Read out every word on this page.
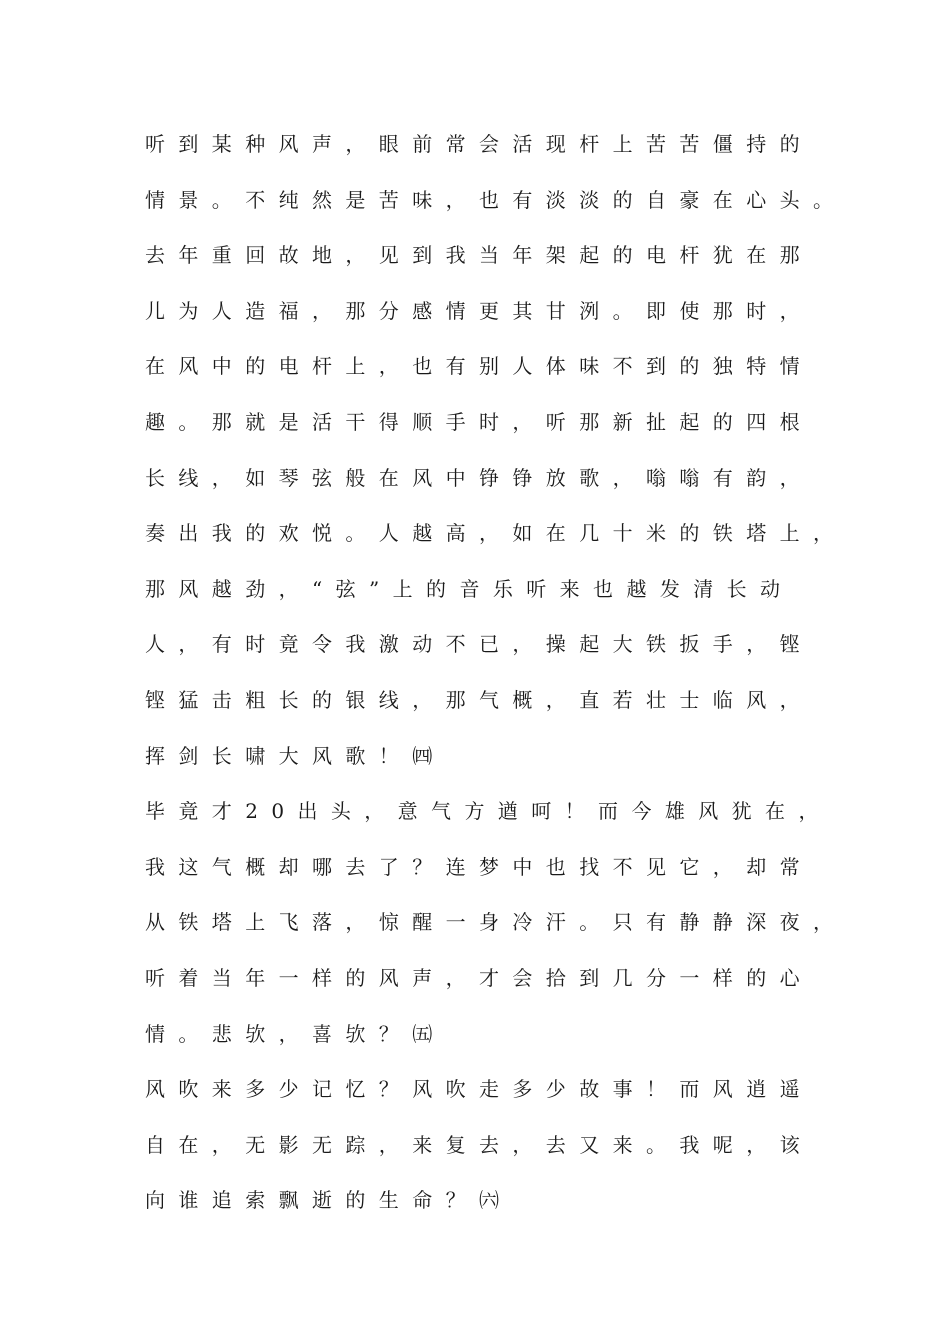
听到某种风声，眼前常会活现杆上苦苦僵持的
情景。不纯然是苦味，也有淡淡的自豪在心头。
去年重回故地，见到我当年架起的电杆犹在那
儿为人造福，那分感情更其甘洌。即使那时，
在风中的电杆上，也有别人体味不到的独特情
趣。那就是活干得顺手时，听那新扯起的四根
长线，如琴弦般在风中铮铮放歌，嗡嗡有韵，
奏出我的欢悦。人越高，如在几十米的铁塔上，
那风越劲，“弦”上的音乐听来也越发清长动
人，有时竟令我激动不已，操起大铁扳手，铿
铿猛击粗长的银线，那气概，直若壮士临风，
挥剑长啸大风歌！㈣
毕竟才20出头，意气方遒呵！而今雄风犹在，
我这气概却哪去了？连梦中也找不见它，却常
从铁塔上飞落，惊醒一身冷汗。只有静静深夜，
听着当年一样的风声，才会拾到几分一样的心
情。悲欤，喜欤？㈤
风吹来多少记忆？风吹走多少故事！而风逍遥
自在，无影无踪，来复去，去又来。我呢，该
向谁追索飘逝的生命？㈥
